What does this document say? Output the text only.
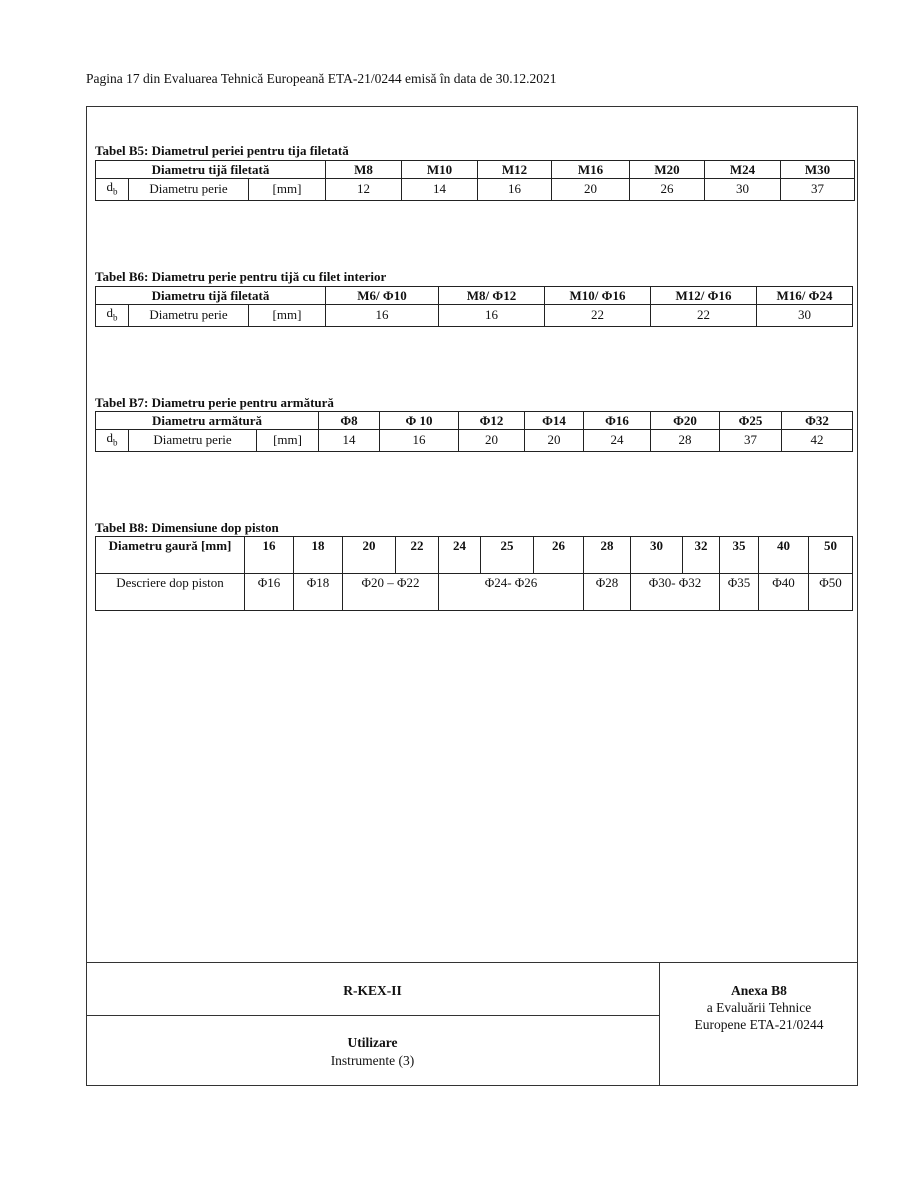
Pagina 17 din Evaluarea Tehnică Europeană ETA-21/0244 emisă în data de 30.12.2021
Tabel B5: Diametrul periei pentru tija filetată
Diametru tijă filetată			M8	M10	M12	M16	M20	M24	M30
$d_b$	Diametru perie	[mm]	12	14	16	20	26	30	37
Tabel B6: Diametru perie pentru tijă cu filet interior
Diametru tijă filetată			M6/ Φ10	M8/ Φ12	M10/ Φ16	M12/ Φ16	M16/ Φ24
$d_b$	Diametru perie	[mm]	16	16	22	22	30
Tabel B7: Diametru perie pentru armătură
Diametru armătură			Φ8	Φ 10	Φ12	Φ14	Φ16	Φ20	Φ25	Φ32
$d_b$	Diametru perie	[mm]	14	16	20	20	24	28	37	42
Tabel B8: Dimensiune dop piston
Diametru gaură [mm]	16	18	20	22	24	25	26	28	30	32	35	40	50
Descriere dop piston	Φ16	Φ18	Φ20 – Φ22		Φ24- Φ26			Φ28	Φ30- Φ32		Φ35	Φ40	Φ50
R-KEX-II
Utilizare
Instrumente (3)
Anexa B8
a Evaluării Tehnice
Europene ETA-21/0244
